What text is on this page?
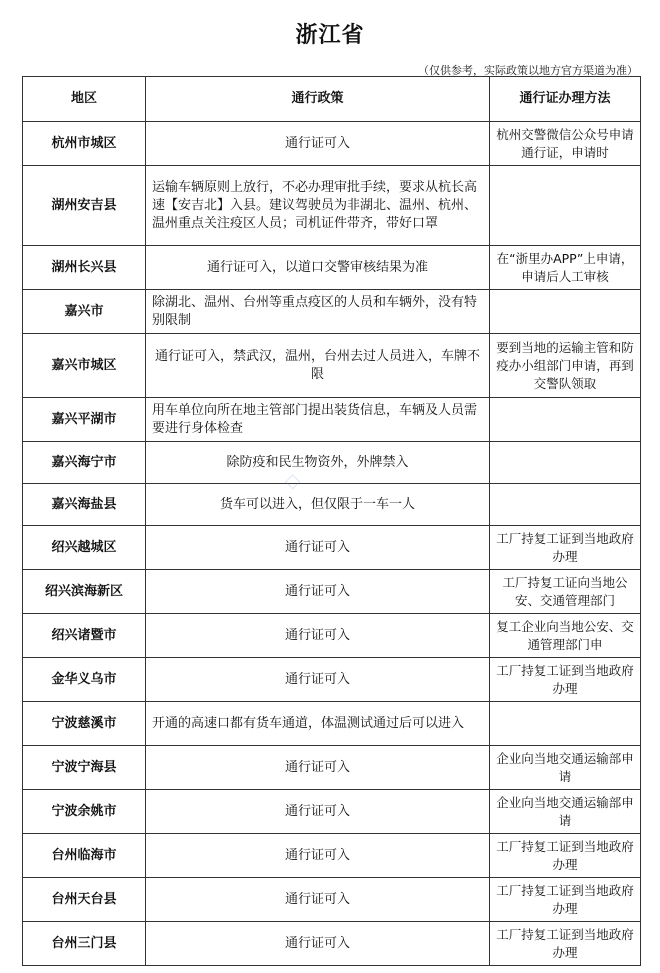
浙江省
（仅供参考，实际政策以地方官方渠道为准）
地区	通行政策	通行证办理方法
杭州市城区	通行证可入	杭州交警微信公众号申请通行证，申请时
湖州安吉县	运输车辆原则上放行，不必办理审批手续，要求从杭长高速【安吉北】入县。建议驾驶员为非湖北、温州、杭州、温州重点关注疫区人员；司机证件带齐，带好口罩	
湖州长兴县	通行证可入，以道口交警审核结果为准	在“浙里办APP”上申请，申请后人工审核
嘉兴市	除湖北、温州、台州等重点疫区的人员和车辆外，没有特别限制	
嘉兴市城区	通行证可入，禁武汉，温州，台州去过人员进入，车牌不限	要到当地的运输主管和防疫办小组部门申请，再到交警队领取
嘉兴平湖市	用车单位向所在地主管部门提出装货信息，车辆及人员需要进行身体检查	
嘉兴海宁市	除防疫和民生物资外，外牌禁入	
嘉兴海盐县	货车可以进入，但仅限于一车一人	
绍兴越城区	通行证可入	工厂持复工证到当地政府办理
绍兴滨海新区	通行证可入	工厂持复工证向当地公安、交通管理部门
绍兴诸暨市	通行证可入	复工企业向当地公安、交通管理部门申
金华义乌市	通行证可入	工厂持复工证到当地政府办理
宁波慈溪市	开通的高速口都有货车通道，体温测试通过后可以进入	
宁波宁海县	通行证可入	企业向当地交通运输部申请
宁波余姚市	通行证可入	企业向当地交通运输部申请
台州临海市	通行证可入	工厂持复工证到当地政府办理
台州天台县	通行证可入	工厂持复工证到当地政府办理
台州三门县	通行证可入	工厂持复工证到当地政府办理
◇
